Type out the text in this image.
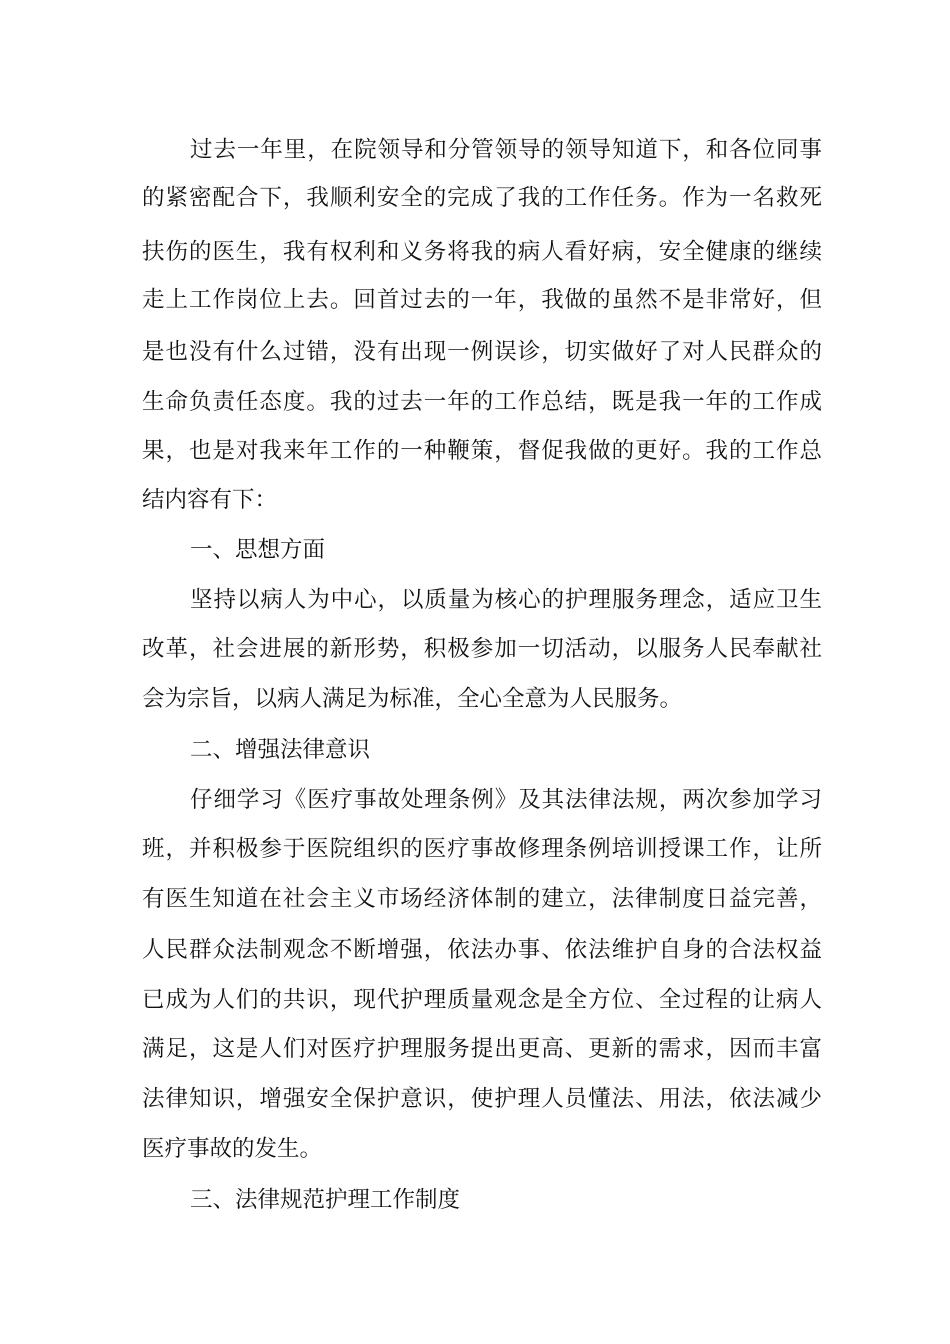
过去一年里，在院领导和分管领导的领导知道下，和各位同事
的紧密配合下，我顺利安全的完成了我的工作任务。作为一名救死
扶伤的医生，我有权利和义务将我的病人看好病，安全健康的继续
走上工作岗位上去。回首过去的一年，我做的虽然不是非常好，但
是也没有什么过错，没有出现一例误诊，切实做好了对人民群众的
生命负责任态度。我的过去一年的工作总结，既是我一年的工作成
果，也是对我来年工作的一种鞭策，督促我做的更好。我的工作总
结内容有下：
一、思想方面
坚持以病人为中心，以质量为核心的护理服务理念，适应卫生
改革，社会进展的新形势，积极参加一切活动，以服务人民奉献社
会为宗旨，以病人满足为标准，全心全意为人民服务。
二、增强法律意识
仔细学习《医疗事故处理条例》及其法律法规，两次参加学习
班，并积极参于医院组织的医疗事故修理条例培训授课工作，让所
有医生知道在社会主义市场经济体制的建立，法律制度日益完善，
人民群众法制观念不断增强，依法办事、依法维护自身的合法权益
已成为人们的共识，现代护理质量观念是全方位、全过程的让病人
满足，这是人们对医疗护理服务提出更高、更新的需求，因而丰富
法律知识，增强安全保护意识，使护理人员懂法、用法，依法减少
医疗事故的发生。
三、法律规范护理工作制度
